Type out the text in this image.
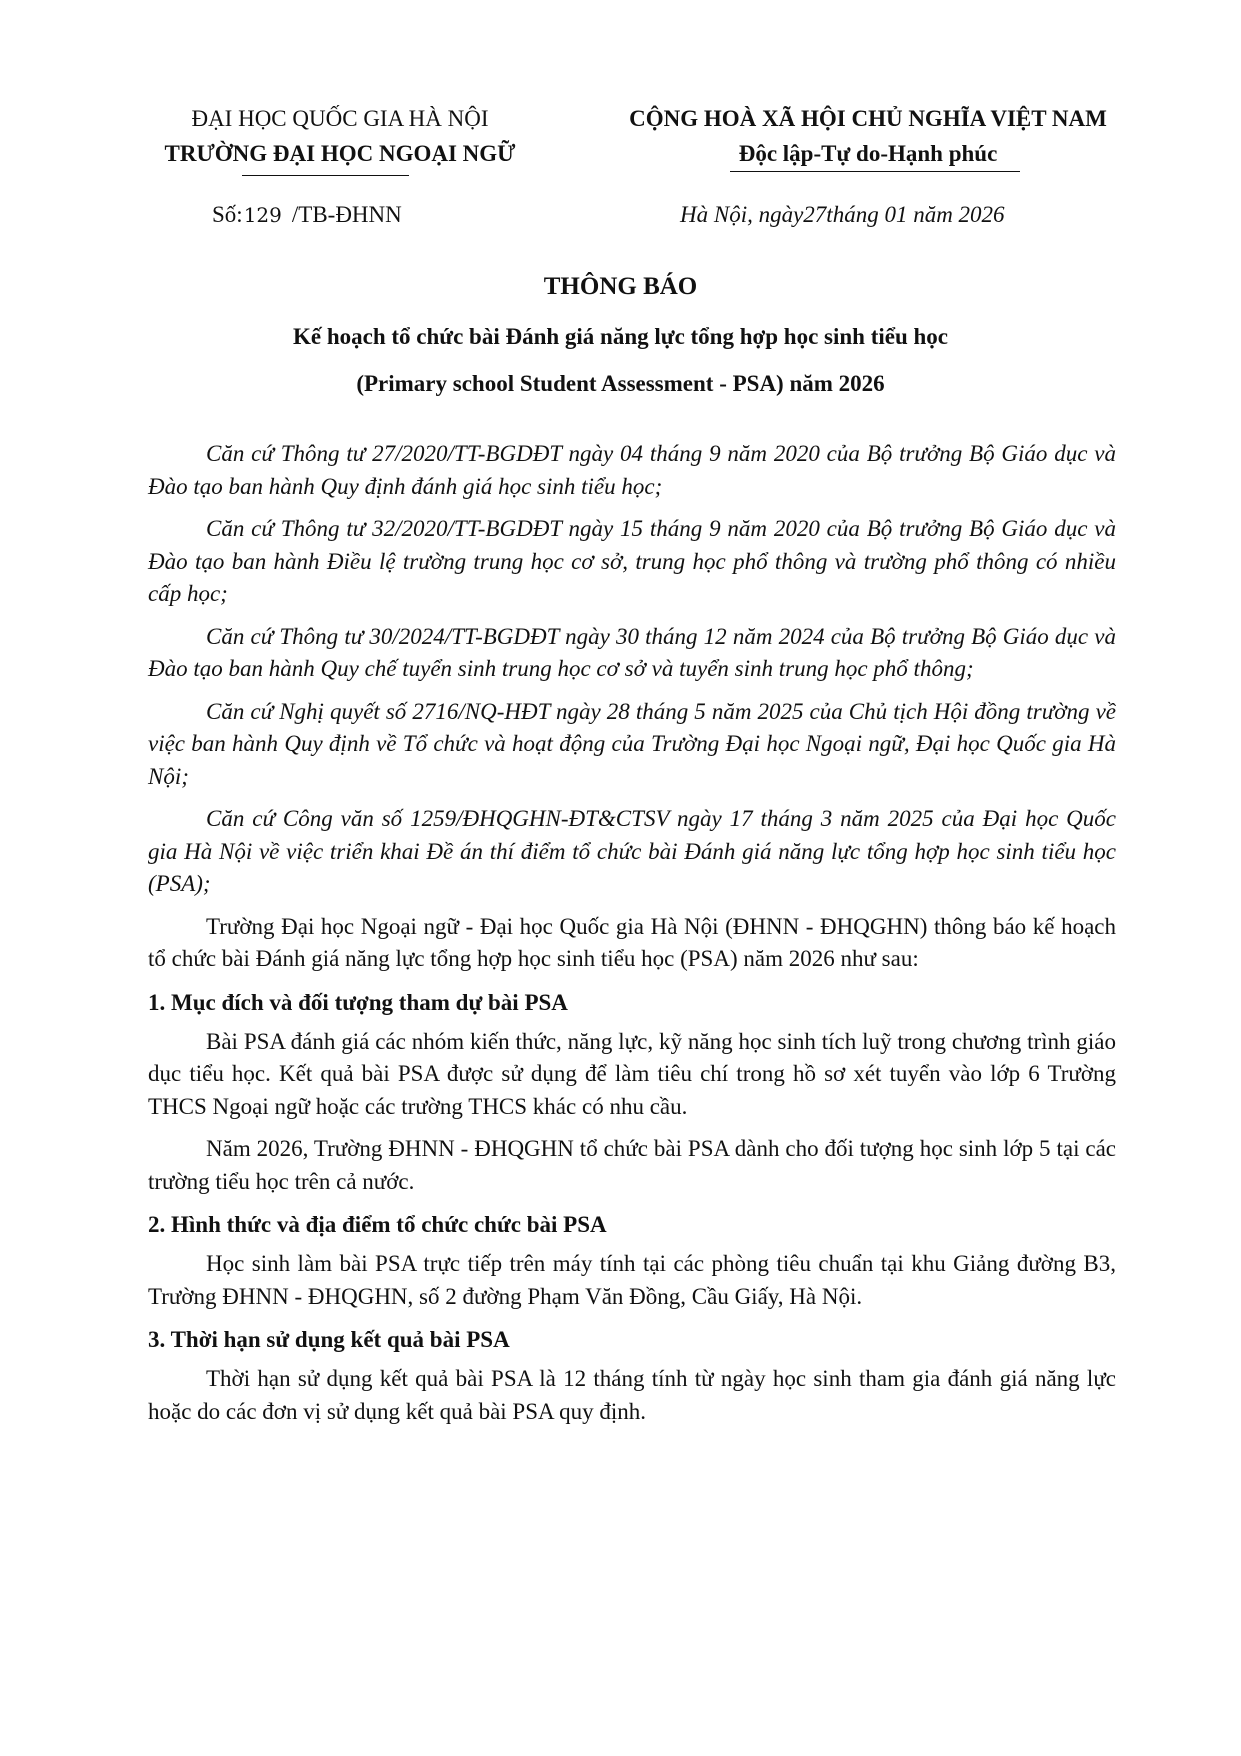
ĐẠI HỌC QUỐC GIA HÀ NỘI
TRƯỜNG ĐẠI HỌC NGOẠI NGỮ
CỘNG HOÀ XÃ HỘI CHỦ NGHĨA VIỆT NAM
Độc lập-Tự do-Hạnh phúc
Số:129 /TB-ĐHNN	Hà Nội, ngày27tháng 01 năm 2026
THÔNG BÁO
Kế hoạch tổ chức bài Đánh giá năng lực tổng hợp học sinh tiểu học
(Primary school Student Assessment - PSA) năm 2026

Căn cứ Thông tư 27/2020/TT-BGDĐT ngày 04 tháng 9 năm 2020 của Bộ trưởng Bộ Giáo dục và Đào tạo ban hành Quy định đánh giá học sinh tiểu học;

Căn cứ Thông tư 32/2020/TT-BGDĐT ngày 15 tháng 9 năm 2020 của Bộ trưởng Bộ Giáo dục và Đào tạo ban hành Điều lệ trường trung học cơ sở, trung học phổ thông và trường phổ thông có nhiều cấp học;

Căn cứ Thông tư 30/2024/TT-BGDĐT ngày 30 tháng 12 năm 2024 của Bộ trưởng Bộ Giáo dục và Đào tạo ban hành Quy chế tuyển sinh trung học cơ sở và tuyển sinh trung học phổ thông;

Căn cứ Nghị quyết số 2716/NQ-HĐT ngày 28 tháng 5 năm 2025 của Chủ tịch Hội đồng trường về việc ban hành Quy định về Tổ chức và hoạt động của Trường Đại học Ngoại ngữ, Đại học Quốc gia Hà Nội;

Căn cứ Công văn số 1259/ĐHQGHN-ĐT&CTSV ngày 17 tháng 3 năm 2025 của Đại học Quốc gia Hà Nội về việc triển khai Đề án thí điểm tổ chức bài Đánh giá năng lực tổng hợp học sinh tiểu học (PSA);

Trường Đại học Ngoại ngữ - Đại học Quốc gia Hà Nội (ĐHNN - ĐHQGHN) thông báo kế hoạch tổ chức bài Đánh giá năng lực tổng hợp học sinh tiểu học (PSA) năm 2026 như sau:

1. Mục đích và đối tượng tham dự bài PSA

Bài PSA đánh giá các nhóm kiến thức, năng lực, kỹ năng học sinh tích luỹ trong chương trình giáo dục tiểu học. Kết quả bài PSA được sử dụng để làm tiêu chí trong hồ sơ xét tuyển vào lớp 6 Trường THCS Ngoại ngữ hoặc các trường THCS khác có nhu cầu.

Năm 2026, Trường ĐHNN - ĐHQGHN tổ chức bài PSA dành cho đối tượng học sinh lớp 5 tại các trường tiểu học trên cả nước.

2. Hình thức và địa điểm tổ chức chức bài PSA

Học sinh làm bài PSA trực tiếp trên máy tính tại các phòng tiêu chuẩn tại khu Giảng đường B3, Trường ĐHNN - ĐHQGHN, số 2 đường Phạm Văn Đồng, Cầu Giấy, Hà Nội.

3. Thời hạn sử dụng kết quả bài PSA

Thời hạn sử dụng kết quả bài PSA là 12 tháng tính từ ngày học sinh tham gia đánh giá năng lực hoặc do các đơn vị sử dụng kết quả bài PSA quy định.
